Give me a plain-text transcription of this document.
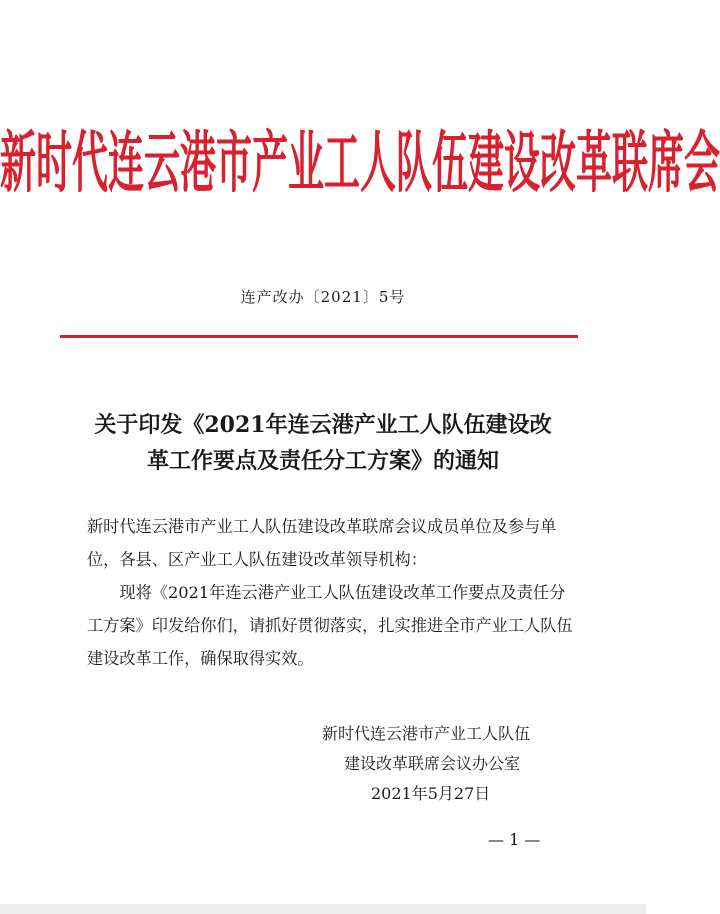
新时代连云港市产业工人队伍建设改革联席会
连产改办〔2021〕5号
关于印发《2021年连云港产业工人队伍建设改
革工作要点及责任分工方案》的通知

新时代连云港市产业工人队伍建设改革联席会议成员单位及参与单位，各县、区产业工人队伍建设改革领导机构：

现将《2021年连云港产业工人队伍建设改革工作要点及责任分工方案》印发给你们，请抓好贯彻落实，扎实推进全市产业工人队伍建设改革工作，确保取得实效。

新时代连云港市产业工人队伍
建设改革联席会议办公室
2021年5月27日
— 1 —
